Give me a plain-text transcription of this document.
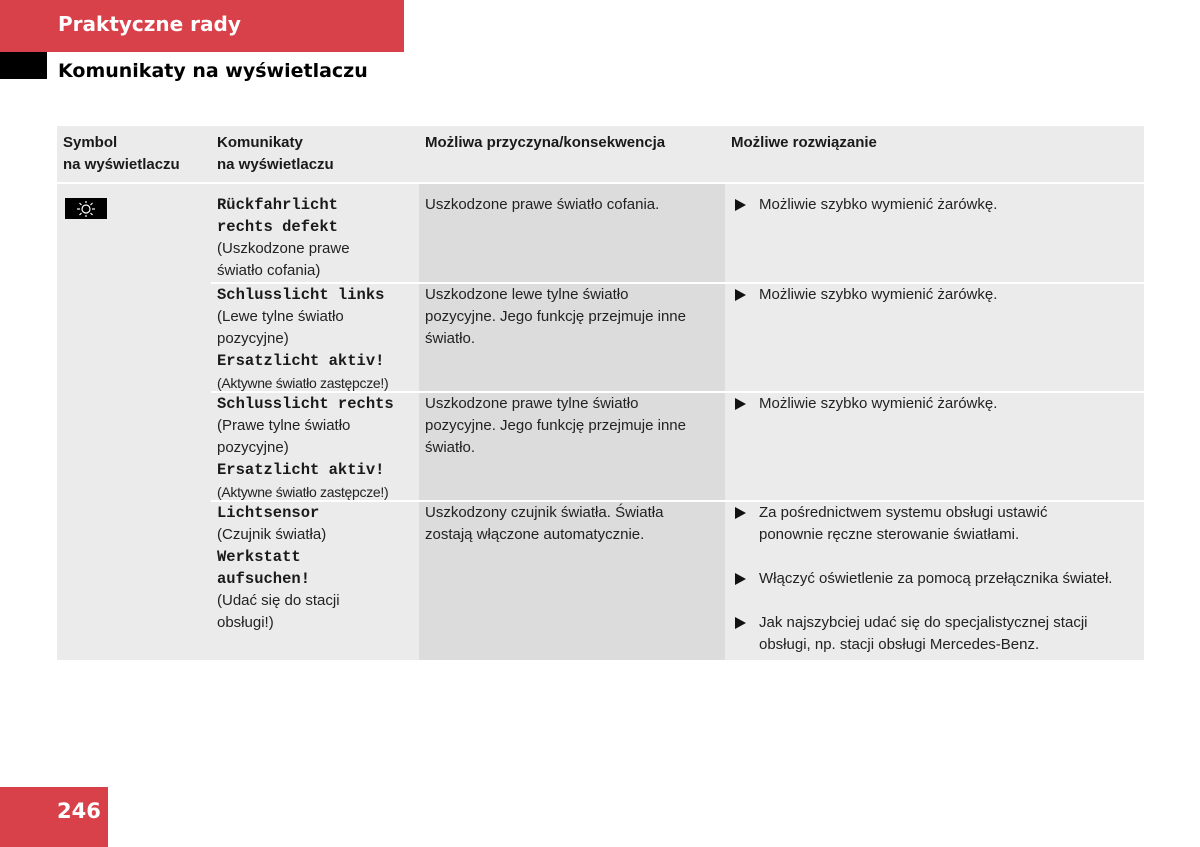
Praktyczne rady
Komunikaty na wyświetlaczu
Symbol
na wyświetlaczu
Komunikaty
na wyświetlaczu
Możliwa przyczyna/konsekwencja	Możliwe rozwiązanie
Rückfahrlicht
rechts defekt
(Uszkodzone prawe
światło cofania)
Schlusslicht links
(Lewe tylne światło
pozycyjne)
Ersatzlicht aktiv!
(Aktywne światło zastępcze!)
Schlusslicht rechts
(Prawe tylne światło
pozycyjne)
Ersatzlicht aktiv!
(Aktywne światło zastępcze!)
Lichtsensor
(Czujnik światła)
Werkstatt
aufsuchen!
(Udać się do stacji
obsługi!)
Uszkodzone prawe światło cofania.
Uszkodzone lewe tylne światło
pozycyjne. Jego funkcję przejmuje inne
światło.
Uszkodzone prawe tylne światło
pozycyjne. Jego funkcję przejmuje inne
światło.
Uszkodzony czujnik światła. Światła
zostają włączone automatycznie.
Możliwie szybko wymienić żarówkę.
Możliwie szybko wymienić żarówkę.
Możliwie szybko wymienić żarówkę.
Za pośrednictwem systemu obsługi ustawić
ponownie ręczne sterowanie światłami.
Włączyć oświetlenie za pomocą przełącznika świateł.
Jak najszybciej udać się do specjalistycznej stacji
obsługi, np. stacji obsługi Mercedes-Benz.
246
